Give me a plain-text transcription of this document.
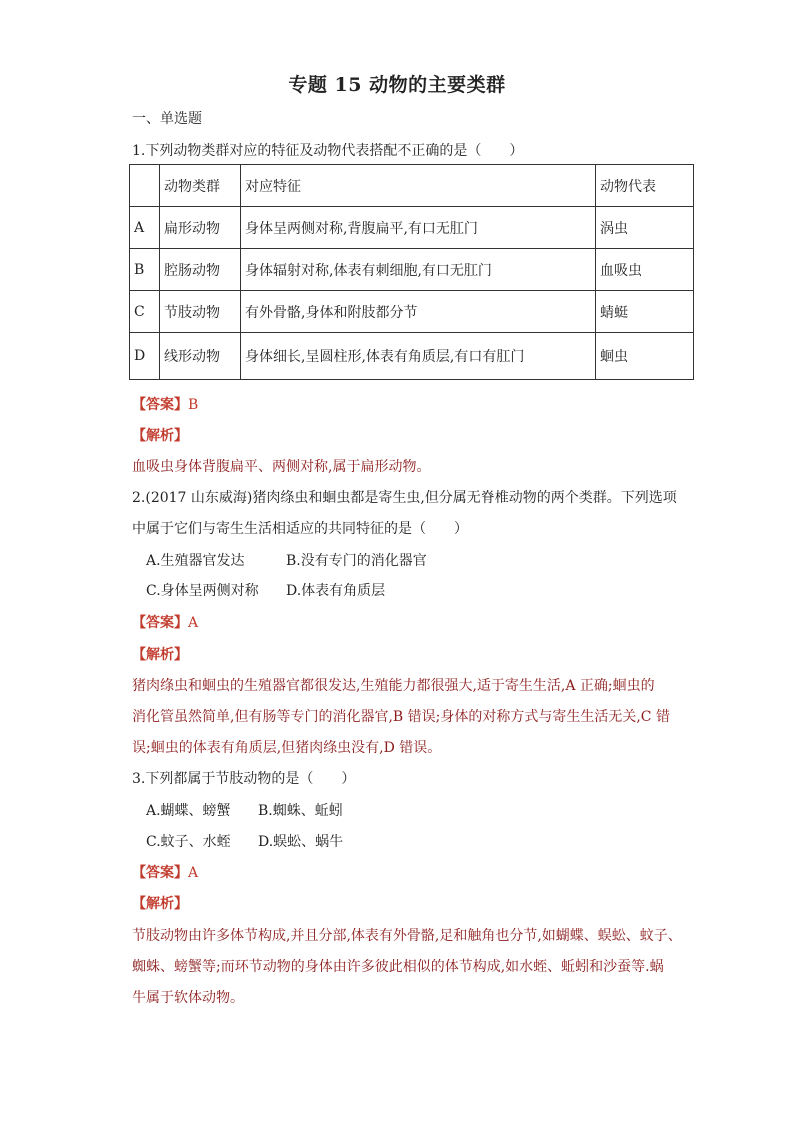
专题 15 动物的主要类群
一、单选题
1.下列动物类群对应的特征及动物代表搭配不正确的是（　　）
	动物类群	对应特征	动物代表
A	扁形动物	身体呈两侧对称,背腹扁平,有口无肛门	涡虫
B	腔肠动物	身体辐射对称,体表有刺细胞,有口无肛门	血吸虫
C	节肢动物	有外骨骼,身体和附肢都分节	蜻蜓
D	线形动物	身体细长,呈圆柱形,体表有角质层,有口有肛门	蛔虫
【答案】B
【解析】
血吸虫身体背腹扁平、两侧对称,属于扁形动物。
2.(2017 山东威海)猪肉绦虫和蛔虫都是寄生虫,但分属无脊椎动物的两个类群。下列选项
中属于它们与寄生生活相适应的共同特征的是（　　）
A.生殖器官发达	B.没有专门的消化器官
C.身体呈两侧对称 D.体表有角质层
【答案】A
【解析】
猪肉绦虫和蛔虫的生殖器官都很发达,生殖能力都很强大,适于寄生生活,A 正确;蛔虫的
消化管虽然简单,但有肠等专门的消化器官,B 错误;身体的对称方式与寄生生活无关,C 错
误;蛔虫的体表有角质层,但猪肉绦虫没有,D 错误。
3.下列都属于节肢动物的是（　　）
A.蝴蝶、螃蟹 B.蜘蛛、蚯蚓
C.蚊子、水蛭 D.蜈蚣、蜗牛
【答案】A
【解析】
节肢动物由许多体节构成,并且分部,体表有外骨骼,足和触角也分节,如蝴蝶、蜈蚣、蚊子、
蜘蛛、螃蟹等;而环节动物的身体由许多彼此相似的体节构成,如水蛭、蚯蚓和沙蚕等.蜗
牛属于软体动物。
